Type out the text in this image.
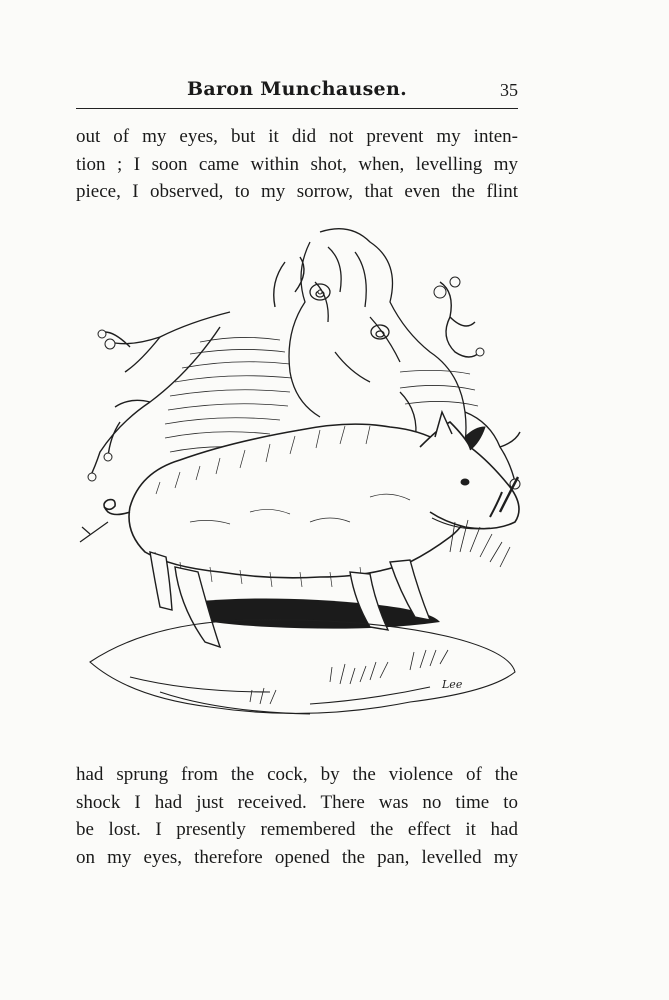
Baron Munchausen.	35
out of my eyes, but it did not prevent my inten-
tion ; I soon came within shot, when, levelling my
piece, I observed, to my sorrow, that even the flint
Lee
had sprung from the cock, by the violence of the
shock I had just received. There was no time to
be lost. I presently remembered the effect it had
on my eyes, therefore opened the pan, levelled my
